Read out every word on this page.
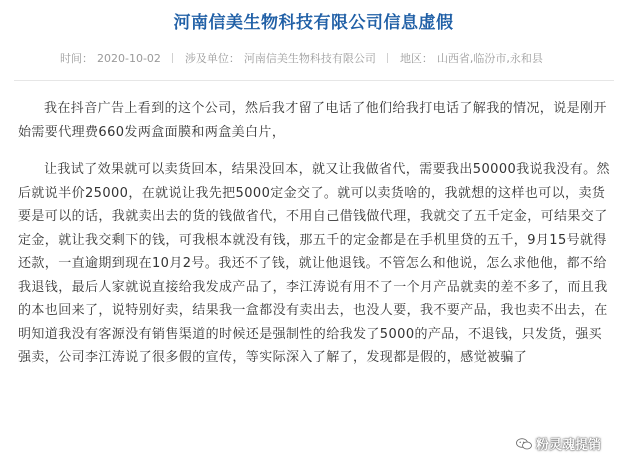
河南信美生物科技有限公司信息虚假
时间： 2020-10-02 涉及单位： 河南信美生物科技有限公司 地区： 山西省,临汾市,永和县

我在抖音广告上看到的这个公司，然后我才留了电话了他们给我打电话了解我的情况，说是刚开始需要代理费660发两盒面膜和两盒美白片，

让我试了效果就可以卖货回本，结果没回本，就又让我做省代，需要我出50000我说我没有。然后就说半价25000，在就说让我先把5000定金交了。就可以卖货啥的，我就想的这样也可以，卖货要是可以的话，我就卖出去的货的钱做省代，不用自己借钱做代理，我就交了五千定金，可结果交了定金，就让我交剩下的钱，可我根本就没有钱，那五千的定金都是在手机里贷的五千，9月15号就得还款，一直逾期到现在10月2号。我还不了钱，就让他退钱。不管怎么和他说，怎么求他他，都不给我退钱，最后人家就说直接给我发成产品了，李江涛说有用不了一个月产品就卖的差不多了，而且我的本也回来了，说特别好卖，结果我一盒都没有卖出去，也没人要，我不要产品，我也卖不出去，在明知道我没有客源没有销售渠道的时候还是强制性的给我发了5000的产品，不退钱，只发货，强买强卖，公司李江涛说了很多假的宣传，等实际深入了解了，发现都是假的，感觉被骗了

粉灵魂提销
